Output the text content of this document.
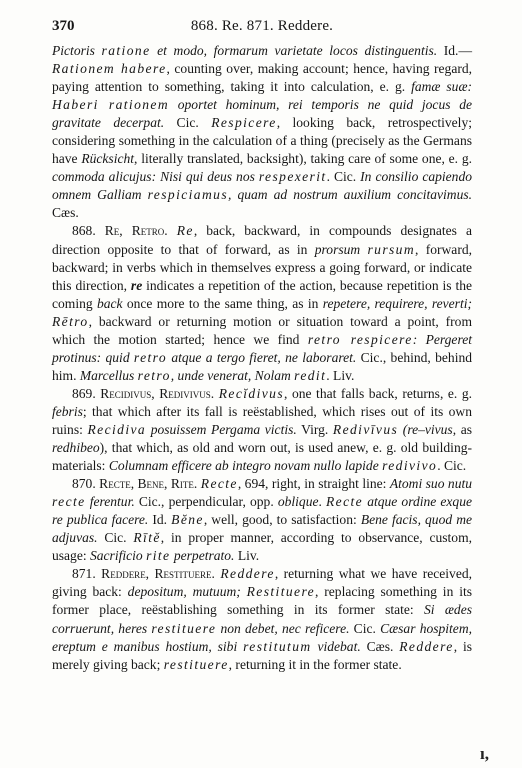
370	868. Re. 871. Reddere.

Pictoris ratione et modo, formarum varietate locos distinguentis. Id.—Rationem habere, counting over, making account; hence, having regard, paying attention to something, taking it into calculation, e. g. famæ suæ: Haberi rationem oportet hominum, rei temporis ne quid jocus de gravitate decerpat. Cic. Respicere, looking back, retrospectively; considering something in the calculation of a thing (precisely as the Germans have Rücksicht, literally translated, backsight), taking care of some one, e. g. commoda alicujus: Nisi qui deus nos respexerit. Cic. In consilio capiendo omnem Galliam respiciamus, quam ad nostrum auxilium concitavimus. Cæs.

868. Re, Retro. Re, back, backward, in compounds designates a direction opposite to that of forward, as in prorsum rursum, forward, backward; in verbs which in themselves express a going forward, or indicate this direction, re indicates a repetition of the action, because repetition is the coming back once more to the same thing, as in repetere, requirere, reverti; Rētro, backward or returning motion or situation toward a point, from which the motion started; hence we find retro respicere: Pergeret protinus: quid retro atque a tergo fieret, ne laboraret. Cic., behind, behind him. Marcellus retro, unde venerat, Nolam redit. Liv.

869. Recidivus, Redivivus. Recĭdivus, one that falls back, returns, e. g. febris; that which after its fall is reëstablished, which rises out of its own ruins: Recidiva posuissem Pergama victis. Virg. Redivīvus (re–vivus, as redhibeo), that which, as old and worn out, is used anew, e. g. old building-materials: Columnam efficere ab integro novam nullo lapide redivivo. Cic.

870. Recte, Bene, Rite. Recte, 694, right, in straight line: Atomi suo nutu recte ferentur. Cic., perpendicular, opp. oblique. Recte atque ordine exque re publica facere. Id. Bĕne, well, good, to satisfaction: Bene facis, quod me adjuvas. Cic. Rītĕ, in proper manner, according to observance, custom, usage: Sacrificio rite perpetrato. Liv.

871. Reddere, Restituere. Reddere, returning what we have received, giving back: depositum, mutuum; Restituere, replacing something in its former place, reëstablishing something in its former state: Si ædes corruerunt, heres restituere non debet, nec reficere. Cic. Cæsar hospitem, ereptum e manibus hostium, sibi restitutum videbat. Cæs. Reddere, is merely giving back; restituere, returning it in the former state.

ı,
